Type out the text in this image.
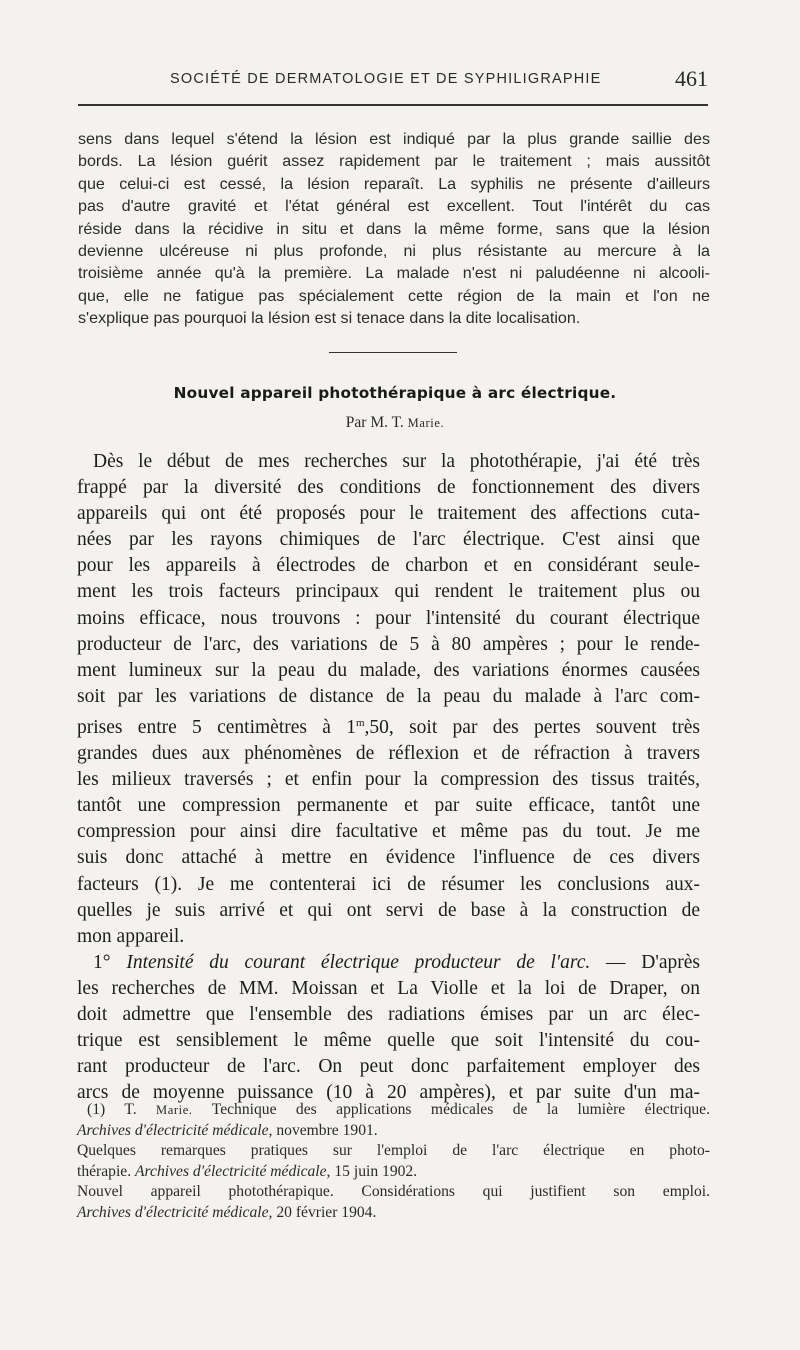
SOCIÉTÉ DE DERMATOLOGIE ET DE SYPHILIGRAPHIE	461
sens dans lequel s'étend la lésion est indiqué par la plus grande saillie des
bords. La lésion guérit assez rapidement par le traitement ; mais aussitôt
que celui-ci est cessé, la lésion reparaît. La syphilis ne présente d'ailleurs
pas d'autre gravité et l'état général est excellent. Tout l'intérêt du cas
réside dans la récidive in situ et dans la même forme, sans que la lésion
devienne ulcéreuse ni plus profonde, ni plus résistante au mercure à la
troisième année qu'à la première. La malade n'est ni paludéenne ni alcooli-
que, elle ne fatigue pas spécialement cette région de la main et l'on ne
s'explique pas pourquoi la lésion est si tenace dans la dite localisation.
Nouvel appareil photothérapique à arc électrique.
Par M. T. Marie.
Dès le début de mes recherches sur la photothérapie, j'ai été très
frappé par la diversité des conditions de fonctionnement des divers
appareils qui ont été proposés pour le traitement des affections cuta-
nées par les rayons chimiques de l'arc électrique. C'est ainsi que
pour les appareils à électrodes de charbon et en considérant seule-
ment les trois facteurs principaux qui rendent le traitement plus ou
moins efficace, nous trouvons : pour l'intensité du courant électrique
producteur de l'arc, des variations de 5 à 80 ampères ; pour le rende-
ment lumineux sur la peau du malade, des variations énormes causées
soit par les variations de distance de la peau du malade à l'arc com-
prises entre 5 centimètres à 1$^m$,50, soit par des pertes souvent très
grandes dues aux phénomènes de réflexion et de réfraction à travers
les milieux traversés ; et enfin pour la compression des tissus traités,
tantôt une compression permanente et par suite efficace, tantôt une
compression pour ainsi dire facultative et même pas du tout. Je me
suis donc attaché à mettre en évidence l'influence de ces divers
facteurs (1). Je me contenterai ici de résumer les conclusions aux-
quelles je suis arrivé et qui ont servi de base à la construction de
mon appareil.
1° Intensité du courant électrique producteur de l'arc. — D'après
les recherches de MM. Moissan et La Violle et la loi de Draper, on
doit admettre que l'ensemble des radiations émises par un arc élec-
trique est sensiblement le même quelle que soit l'intensité du cou-
rant producteur de l'arc. On peut donc parfaitement employer des
arcs de moyenne puissance (10 à 20 ampères), et par suite d'un ma-
(1) T. Marie. Technique des applications médicales de la lumière électrique.
Archives d'électricité médicale, novembre 1901.
Quelques remarques pratiques sur l'emploi de l'arc électrique en photo-
thérapie. Archives d'électricité médicale, 15 juin 1902.
Nouvel appareil photothérapique. Considérations qui justifient son emploi.
Archives d'électricité médicale, 20 février 1904.
